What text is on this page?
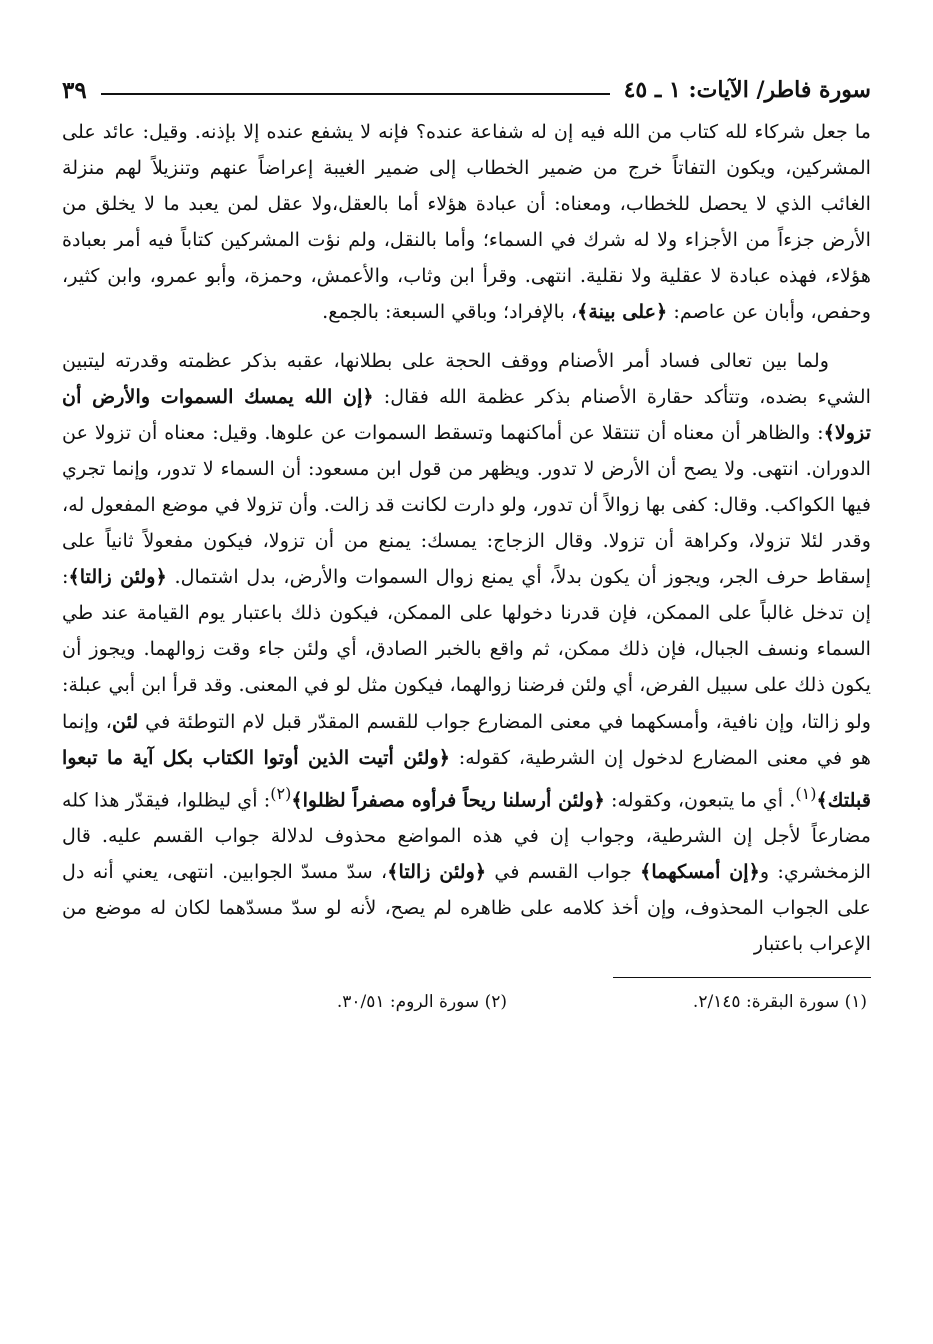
سورة فاطر/ الآيات: ١ ـ ٤٥
٣٩

ما جعل شركاء لله كتاب من الله فيه إن له شفاعة عنده؟ فإنه لا يشفع عنده إلا بإذنه. وقيل: عائد على المشركين، ويكون التفاتاً خرج من ضمير الخطاب إلى ضمير الغيبة إعراضاً عنهم وتنزيلاً لهم منزلة الغائب الذي لا يحصل للخطاب، ومعناه: أن عبادة هؤلاء أما بالعقل،ولا عقل لمن يعبد ما لا يخلق من الأرض جزءاً من الأجزاء ولا له شرك في السماء؛ وأما بالنقل، ولم نؤت المشركين كتاباً فيه أمر بعبادة هؤلاء، فهذه عبادة لا عقلية ولا نقلية. انتهى. وقرأ ابن وثاب، والأعمش، وحمزة، وأبو عمرو، وابن كثير، وحفص، وأبان عن عاصم: ﴿على بينة﴾، بالإفراد؛ وباقي السبعة: بالجمع.

ولما بين تعالى فساد أمر الأصنام ووقف الحجة على بطلانها، عقبه بذكر عظمته وقدرته ليتبين الشيء بضده، وتتأكد حقارة الأصنام بذكر عظمة الله فقال: ﴿إن الله يمسك السموات والأرض أن تزولا﴾: والظاهر أن معناه أن تنتقلا عن أماكنهما وتسقط السموات عن علوها. وقيل: معناه أن تزولا عن الدوران. انتهى. ولا يصح أن الأرض لا تدور. ويظهر من قول ابن مسعود: أن السماء لا تدور، وإنما تجري فيها الكواكب. وقال: كفى بها زوالاً أن تدور، ولو دارت لكانت قد زالت. وأن تزولا في موضع المفعول له، وقدر لئلا تزولا، وكراهة أن تزولا. وقال الزجاج: يمسك: يمنع من أن تزولا، فيكون مفعولاً ثانياً على إسقاط حرف الجر، ويجوز أن يكون بدلاً، أي يمنع زوال السموات والأرض، بدل اشتمال. ﴿ولئن زالتا﴾: إن تدخل غالباً على الممكن، فإن قدرنا دخولها على الممكن، فيكون ذلك باعتبار يوم القيامة عند طي السماء ونسف الجبال، فإن ذلك ممكن، ثم واقع بالخبر الصادق، أي ولئن جاء وقت زوالهما. ويجوز أن يكون ذلك على سبيل الفرض، أي ولئن فرضنا زوالهما، فيكون مثل لو في المعنى. وقد قرأ ابن أبي عبلة: ولو زالتا، وإن نافية، وأمسكهما في معنى المضارع جواب للقسم المقدّر قبل لام التوطئة في لئن، وإنما هو في معنى المضارع لدخول إن الشرطية، كقوله: ﴿ولئن أتيت الذين أوتوا الكتاب بكل آية ما تبعوا قبلتك﴾$^{(١)}$. أي ما يتبعون، وكقوله: ﴿ولئن أرسلنا ريحاً فرأوه مصفراً لظلوا﴾$^{(٢)}$: أي ليظلوا، فيقدّر هذا كله مضارعاً لأجل إن الشرطية، وجواب إن في هذه المواضع محذوف لدلالة جواب القسم عليه. قال الزمخشري: و﴿إن أمسكهما﴾ جواب القسم في ﴿ولئن زالتا﴾، سدّ مسدّ الجوابين. انتهى، يعني أنه دل على الجواب المحذوف، وإن أخذ كلامه على ظاهره لم يصح، لأنه لو سدّ مسدّهما لكان له موضع من الإعراب باعتبار

(١) سورة البقرة: ٢/١٤٥.
(٢) سورة الروم: ٣٠/٥١.
